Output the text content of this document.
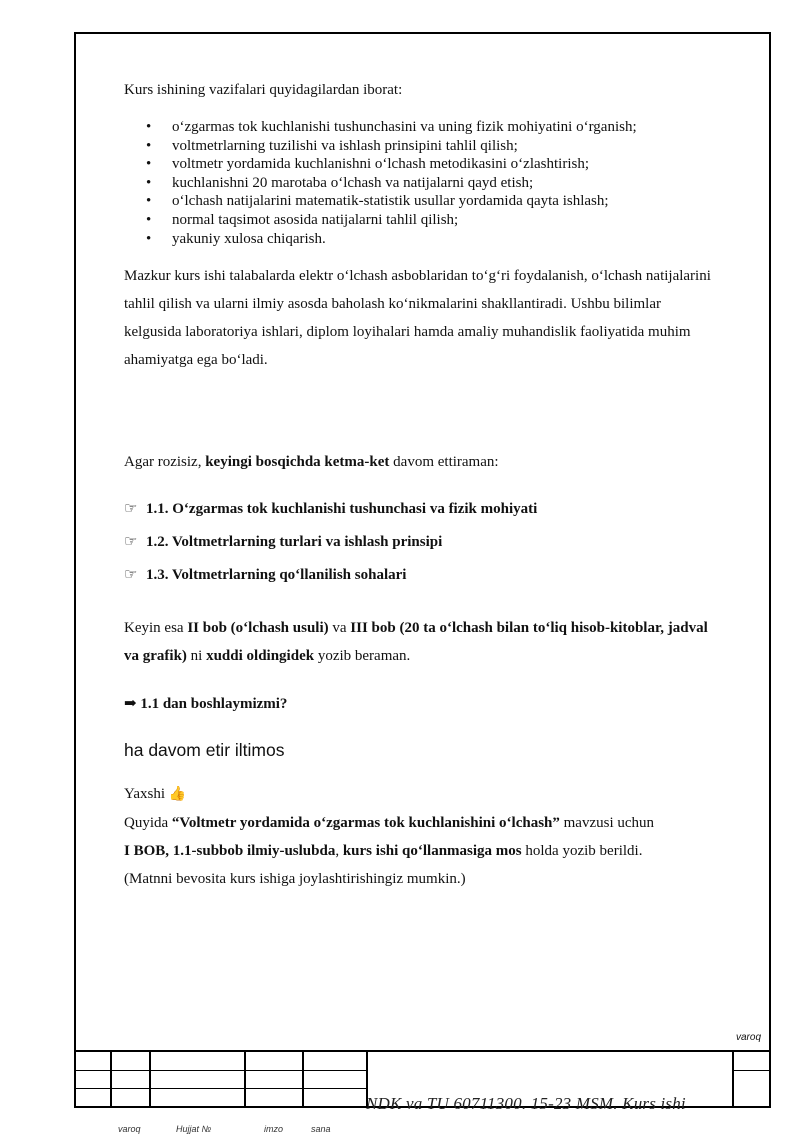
Kurs ishining vazifalari quyidagilardan iborat:

• o‘zgarmas tok kuchlanishi tushunchasini va uning fizik mohiyatini o‘rganish;
• voltmetrlarning tuzilishi va ishlash prinsipini tahlil qilish;
• voltmetr yordamida kuchlanishni o‘lchash metodikasini o‘zlashtirish;
• kuchlanishni 20 marotaba o‘lchash va natijalarni qayd etish;
• o‘lchash natijalarini matematik-statistik usullar yordamida qayta ishlash;
• normal taqsimot asosida natijalarni tahlil qilish;
• yakuniy xulosa chiqarish.

Mazkur kurs ishi talabalarda elektr o‘lchash asboblaridan to‘g‘ri foydalanish, o‘lchash natijalarini tahlil qilish va ularni ilmiy asosda baholash ko‘nikmalarini shakllantiradi. Ushbu bilimlar kelgusida laboratoriya ishlari, diplom loyihalari hamda amaliy muhandislik faoliyatida muhim ahamiyatga ega bo‘ladi.

Agar rozisiz, keyingi bosqichda ketma-ket davom ettiraman:

☞ 1.1. O‘zgarmas tok kuchlanishi tushunchasi va fizik mohiyati
☞ 1.2. Voltmetrlarning turlari va ishlash prinsipi
☞ 1.3. Voltmetrlarning qo‘llanilish sohalari

Keyin esa II bob (o‘lchash usuli) va III bob (20 ta o‘lchash bilan to‘liq hisob-kitoblar, jadval va grafik) ni xuddi oldingidek yozib beraman.

➡ 1.1 dan boshlaymizmi?

ha davom etir iltimos

Yaxshi 👍

Quyida “Voltmetr yordamida o‘zgarmas tok kuchlanishini o‘lchash” mavzusi uchun

I BOB, 1.1-subbob ilmiy-uslubda, kurs ishi qo‘llanmasiga mos holda yozib berildi.

(Matnni bevosita kurs ishiga joylashtirishingiz mumkin.)

varoq
NDK va TU 60711300. 15-23 MSM. Kurs ishi
varoq	Hujjat №	imzo	sana
